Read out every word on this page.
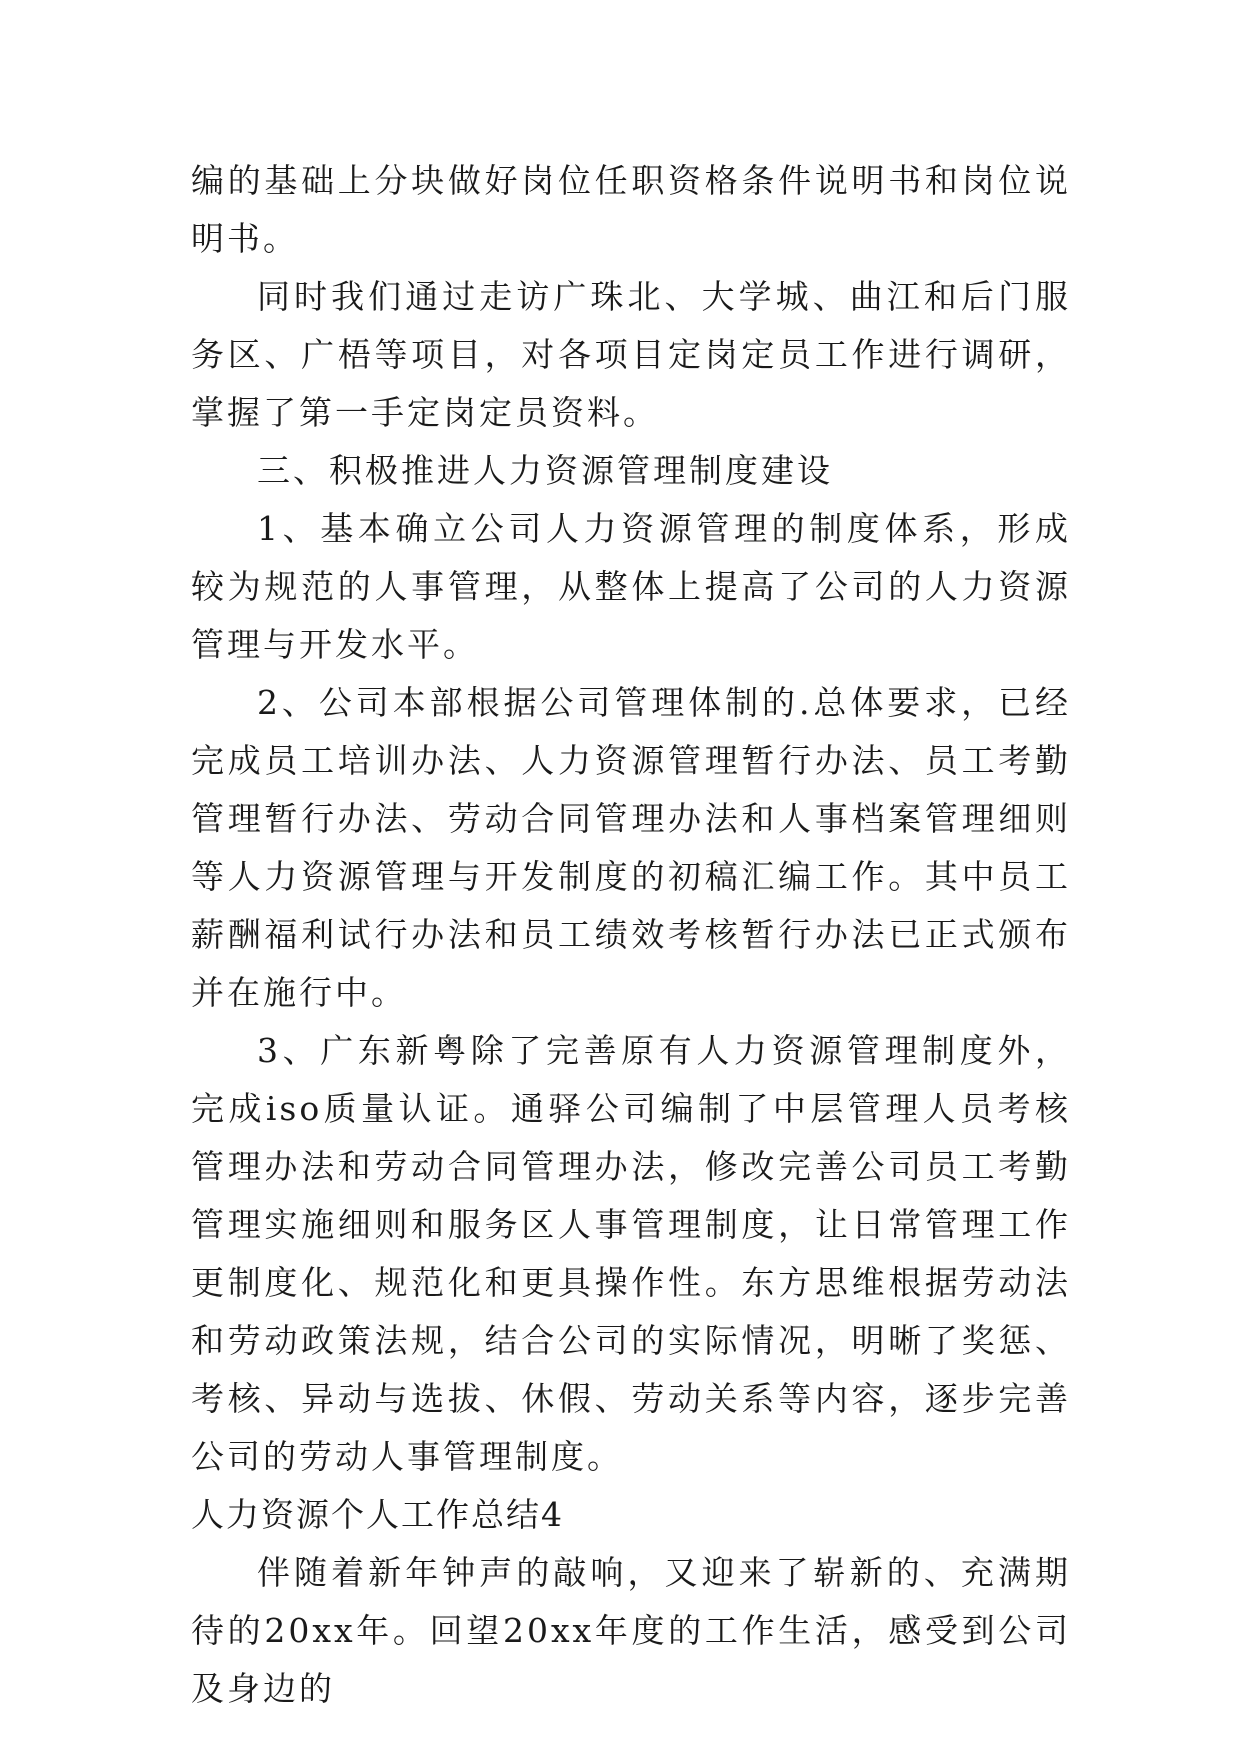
编的基础上分块做好岗位任职资格条件说明书和岗位说明书。

同时我们通过走访广珠北、大学城、曲江和后门服务区、广梧等项目，对各项目定岗定员工作进行调研，掌握了第一手定岗定员资料。

三、积极推进人力资源管理制度建设

1、基本确立公司人力资源管理的制度体系，形成较为规范的人事管理，从整体上提高了公司的人力资源管理与开发水平。

2、公司本部根据公司管理体制的.总体要求，已经完成员工培训办法、人力资源管理暂行办法、员工考勤管理暂行办法、劳动合同管理办法和人事档案管理细则等人力资源管理与开发制度的初稿汇编工作。其中员工薪酬福利试行办法和员工绩效考核暂行办法已正式颁布并在施行中。

3、广东新粤除了完善原有人力资源管理制度外，完成iso质量认证。通驿公司编制了中层管理人员考核管理办法和劳动合同管理办法，修改完善公司员工考勤管理实施细则和服务区人事管理制度，让日常管理工作更制度化、规范化和更具操作性。东方思维根据劳动法和劳动政策法规，结合公司的实际情况，明晰了奖惩、考核、异动与选拔、休假、劳动关系等内容，逐步完善公司的劳动人事管理制度。

人力资源个人工作总结4

伴随着新年钟声的敲响，又迎来了崭新的、充满期待的20xx年。回望20xx年度的工作生活，感受到公司及身边的
